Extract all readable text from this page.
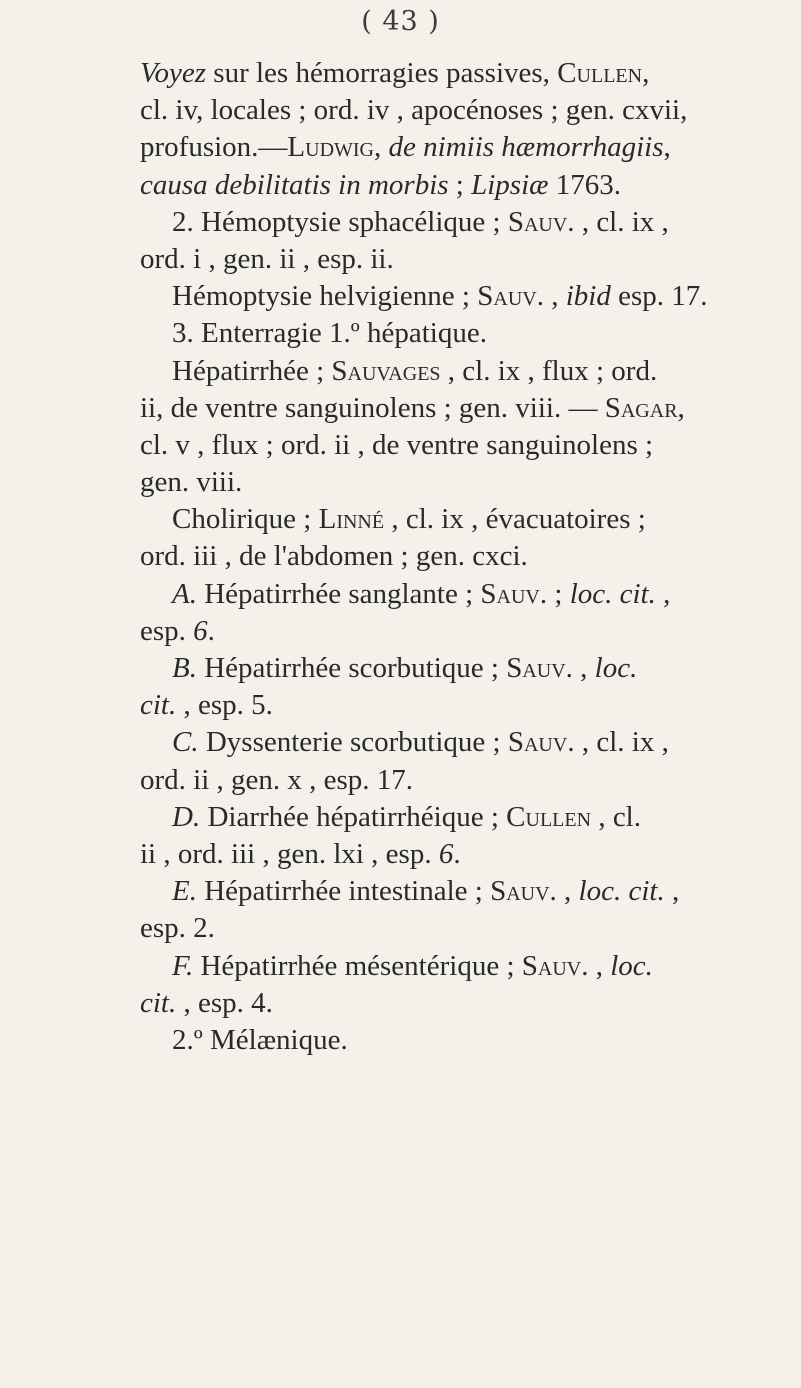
( 43 )
Voyez sur les hémorragies passives, Cullen,
cl. iv, locales ; ord. iv , apocénoses ; gen. cxvii,
profusion.—Ludwig, de nimiis hæmorrhagiis,
causa debilitatis in morbis ; Lipsiæ 1763.
2. Hémoptysie sphacélique ; Sauv. , cl. ix ,
ord. i , gen. ii , esp. ii.
Hémoptysie helvigienne ; Sauv. , ibid esp. 17.
3. Enterragie 1.º hépatique.
Hépatirrhée ; Sauvages , cl. ix , flux ; ord.
ii, de ventre sanguinolens ; gen. viii. — Sagar,
cl. v , flux ; ord. ii , de ventre sanguinolens ;
gen. viii.
Cholirique ; Linné , cl. ix , évacuatoires ;
ord. iii , de l'abdomen ; gen. cxci.
A. Hépatirrhée sanglante ; Sauv. ; loc. cit. ,
esp. 6.
B. Hépatirrhée scorbutique ; Sauv. , loc.
cit. , esp. 5.
C. Dyssenterie scorbutique ; Sauv. , cl. ix ,
ord. ii , gen. x , esp. 17.
D. Diarrhée hépatirrhéique ; Cullen , cl.
ii , ord. iii , gen. lxi , esp. 6.
E. Hépatirrhée intestinale ; Sauv. , loc. cit. ,
esp. 2.
F. Hépatirrhée mésentérique ; Sauv. , loc.
cit. , esp. 4.
2.º Mélænique.
